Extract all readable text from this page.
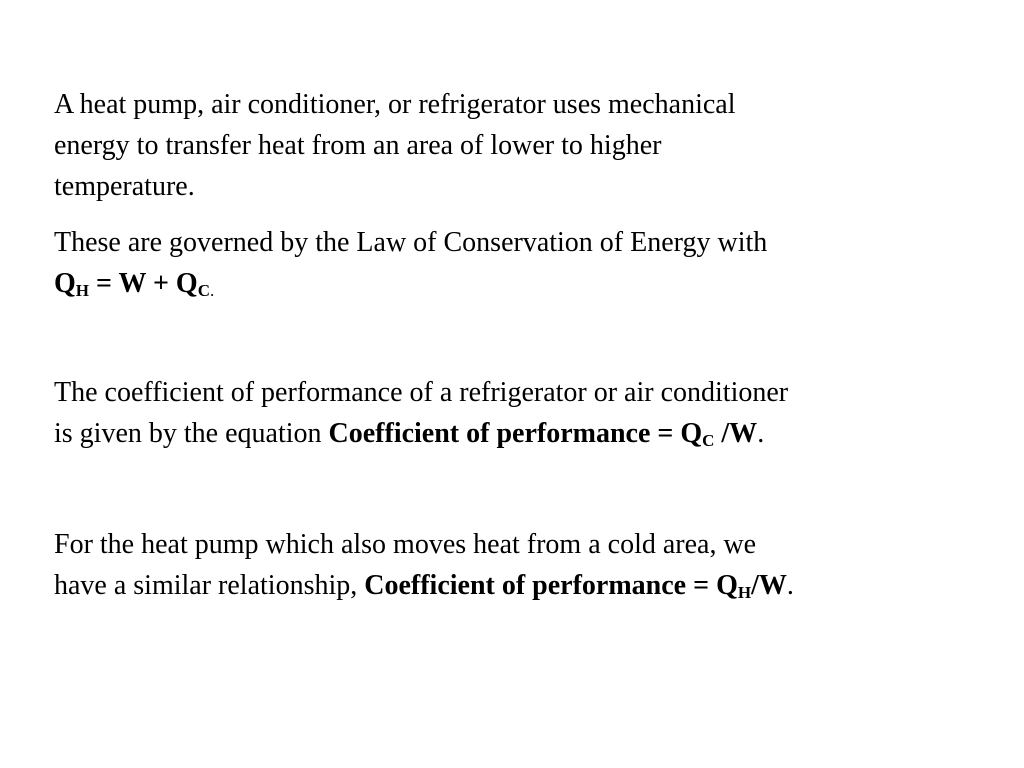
A heat pump, air conditioner, or refrigerator uses mechanical
energy to transfer heat from an area of lower to higher
temperature.

These are governed by the Law of Conservation of Energy with
$Q_H = W + Q_C$.

The coefficient of performance of a refrigerator or air conditioner
is given by the equation Coefficient of performance = $Q_C$ /W.

For the heat pump which also moves heat from a cold area, we
have a similar relationship, Coefficient of performance = $Q_H/W$.
